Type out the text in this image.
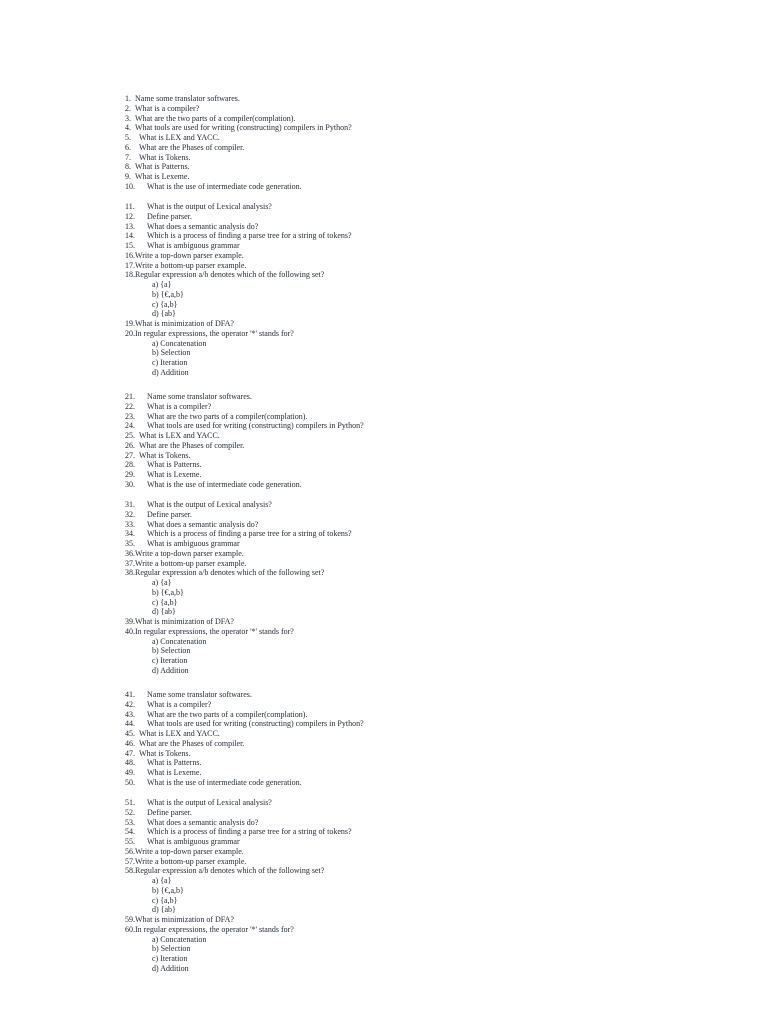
1. Name some translator softwares.
2. What is a compiler?
3. What are the two parts of a compiler(complation).
4. What tools are used for writing (constructing) compilers in Python?
5. What is LEX and YACC.
6. What are the Phases of compiler.
7. What is Tokens.
8. What is Patterns.
9. What is Lexeme.
10. What is the use of intermediate code generation.
11. What is the output of Lexical analysis?
12. Define parser.
13. What does a semantic analysis do?
14. Which is a process of finding a parse tree for a string of tokens?
15. What is ambiguous grammar
16. Write a top-down parser example.
17. Write a bottom-up parser example.
18. Regular expression a/b denotes which of the following set?
a) {a}
b) {€,a,b}
c) {a,b}
d) {ab}
19. What is minimization of DFA?
20. In regular expressions, the operator '*' stands for?
a) Concatenation
b) Selection
c) Iteration
d) Addition
21. Name some translator softwares.
22. What is a compiler?
23. What are the two parts of a compiler(complation).
24. What tools are used for writing (constructing) compilers in Python?
25. What is LEX and YACC.
26. What are the Phases of compiler.
27. What is Tokens.
28. What is Patterns.
29. What is Lexeme.
30. What is the use of intermediate code generation.
31. What is the output of Lexical analysis?
32. Define parser.
33. What does a semantic analysis do?
34. Which is a process of finding a parse tree for a string of tokens?
35. What is ambiguous grammar
36. Write a top-down parser example.
37. Write a bottom-up parser example.
38. Regular expression a/b denotes which of the following set?
a) {a}
b) {€,a,b}
c) {a,b}
d) {ab}
39. What is minimization of DFA?
40. In regular expressions, the operator '*' stands for?
a) Concatenation
b) Selection
c) Iteration
d) Addition
41. Name some translator softwares.
42. What is a compiler?
43. What are the two parts of a compiler(complation).
44. What tools are used for writing (constructing) compilers in Python?
45. What is LEX and YACC.
46. What are the Phases of compiler.
47. What is Tokens.
48. What is Patterns.
49. What is Lexeme.
50. What is the use of intermediate code generation.
51. What is the output of Lexical analysis?
52. Define parser.
53. What does a semantic analysis do?
54. Which is a process of finding a parse tree for a string of tokens?
55. What is ambiguous grammar
56. Write a top-down parser example.
57. Write a bottom-up parser example.
58. Regular expression a/b denotes which of the following set?
a) {a}
b) {€,a,b}
c) {a,b}
d) {ab}
59. What is minimization of DFA?
60. In regular expressions, the operator '*' stands for?
a) Concatenation
b) Selection
c) Iteration
d) Addition
